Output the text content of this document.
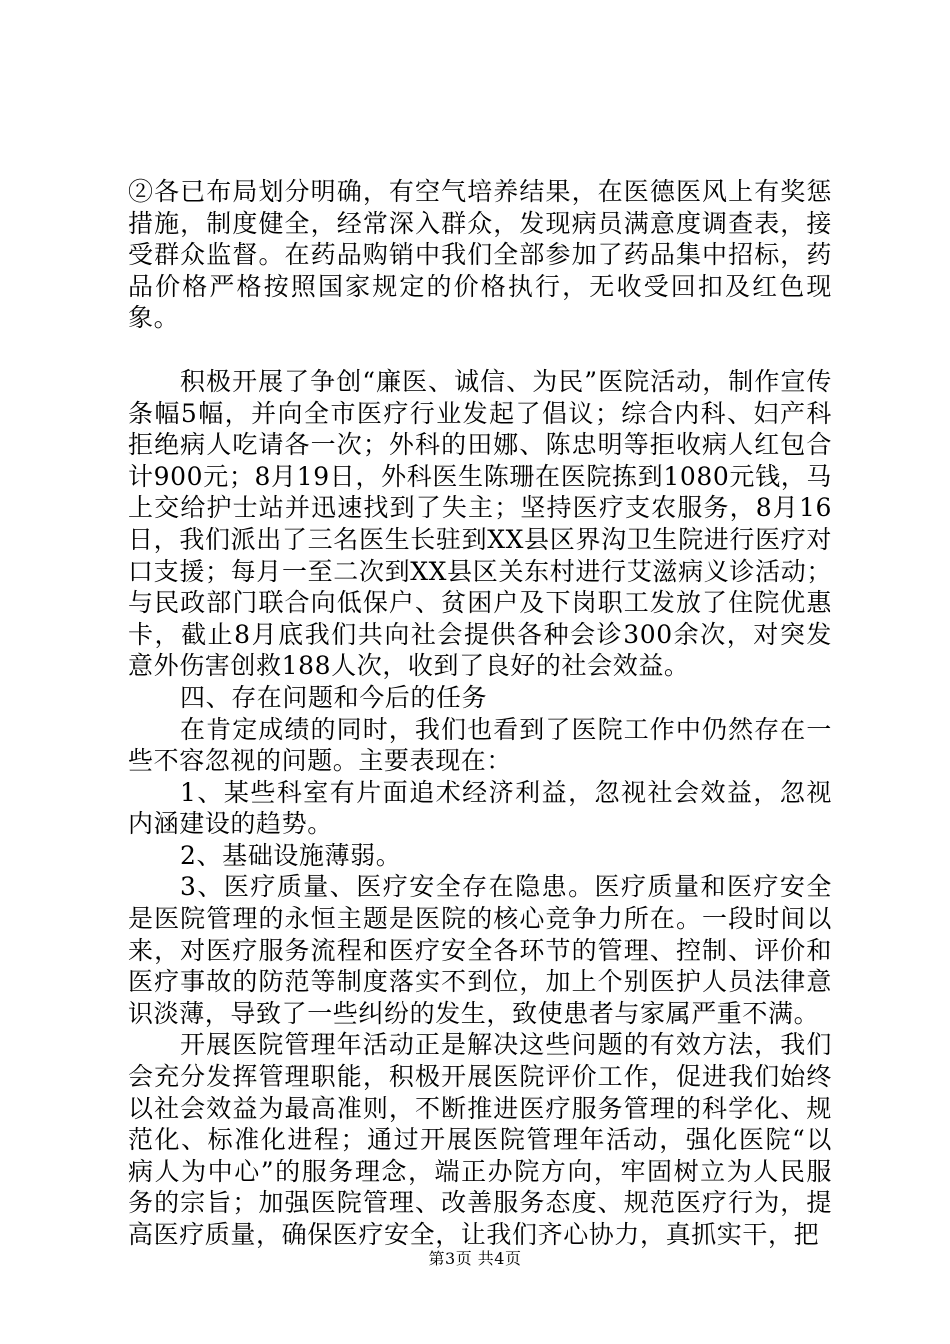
②各已布局划分明确，有空气培养结果，在医德医风上有奖惩措施，制度健全，经常深入群众，发现病员满意度调查表，接受群众监督。在药品购销中我们全部参加了药品集中招标，药品价格严格按照国家规定的价格执行，无收受回扣及红色现象。

积极开展了争创“廉医、诚信、为民”医院活动，制作宣传条幅5幅，并向全市医疗行业发起了倡议；综合内科、妇产科拒绝病人吃请各一次；外科的田娜、陈忠明等拒收病人红包合计900元；8月19日，外科医生陈珊在医院拣到1080元钱，马上交给护士站并迅速找到了失主；坚持医疗支农服务，8月16日，我们派出了三名医生长驻到XX县区界沟卫生院进行医疗对口支援；每月一至二次到XX县区关东村进行艾滋病义诊活动；与民政部门联合向低保户、贫困户及下岗职工发放了住院优惠卡，截止8月底我们共向社会提供各种会诊300余次，对突发意外伤害创救188人次，收到了良好的社会效益。

四、存在问题和今后的任务

在肯定成绩的同时，我们也看到了医院工作中仍然存在一些不容忽视的问题。主要表现在：

1、某些科室有片面追术经济利益，忽视社会效益，忽视内涵建设的趋势。

2、基础设施薄弱。

3、医疗质量、医疗安全存在隐患。医疗质量和医疗安全是医院管理的永恒主题是医院的核心竞争力所在。一段时间以来，对医疗服务流程和医疗安全各环节的管理、控制、评价和医疗事故的防范等制度落实不到位，加上个别医护人员法律意识淡薄，导致了一些纠纷的发生，致使患者与家属严重不满。

开展医院管理年活动正是解决这些问题的有效方法，我们会充分发挥管理职能，积极开展医院评价工作，促进我们始终以社会效益为最高准则，不断推进医疗服务管理的科学化、规范化、标准化进程；通过开展医院管理年活动，强化医院“以病人为中心”的服务理念，端正办院方向，牢固树立为人民服务的宗旨；加强医院管理、改善服务态度、规范医疗行为，提高医疗质量，确保医疗安全，让我们齐心协力，真抓实干，把

第3页 共4页
